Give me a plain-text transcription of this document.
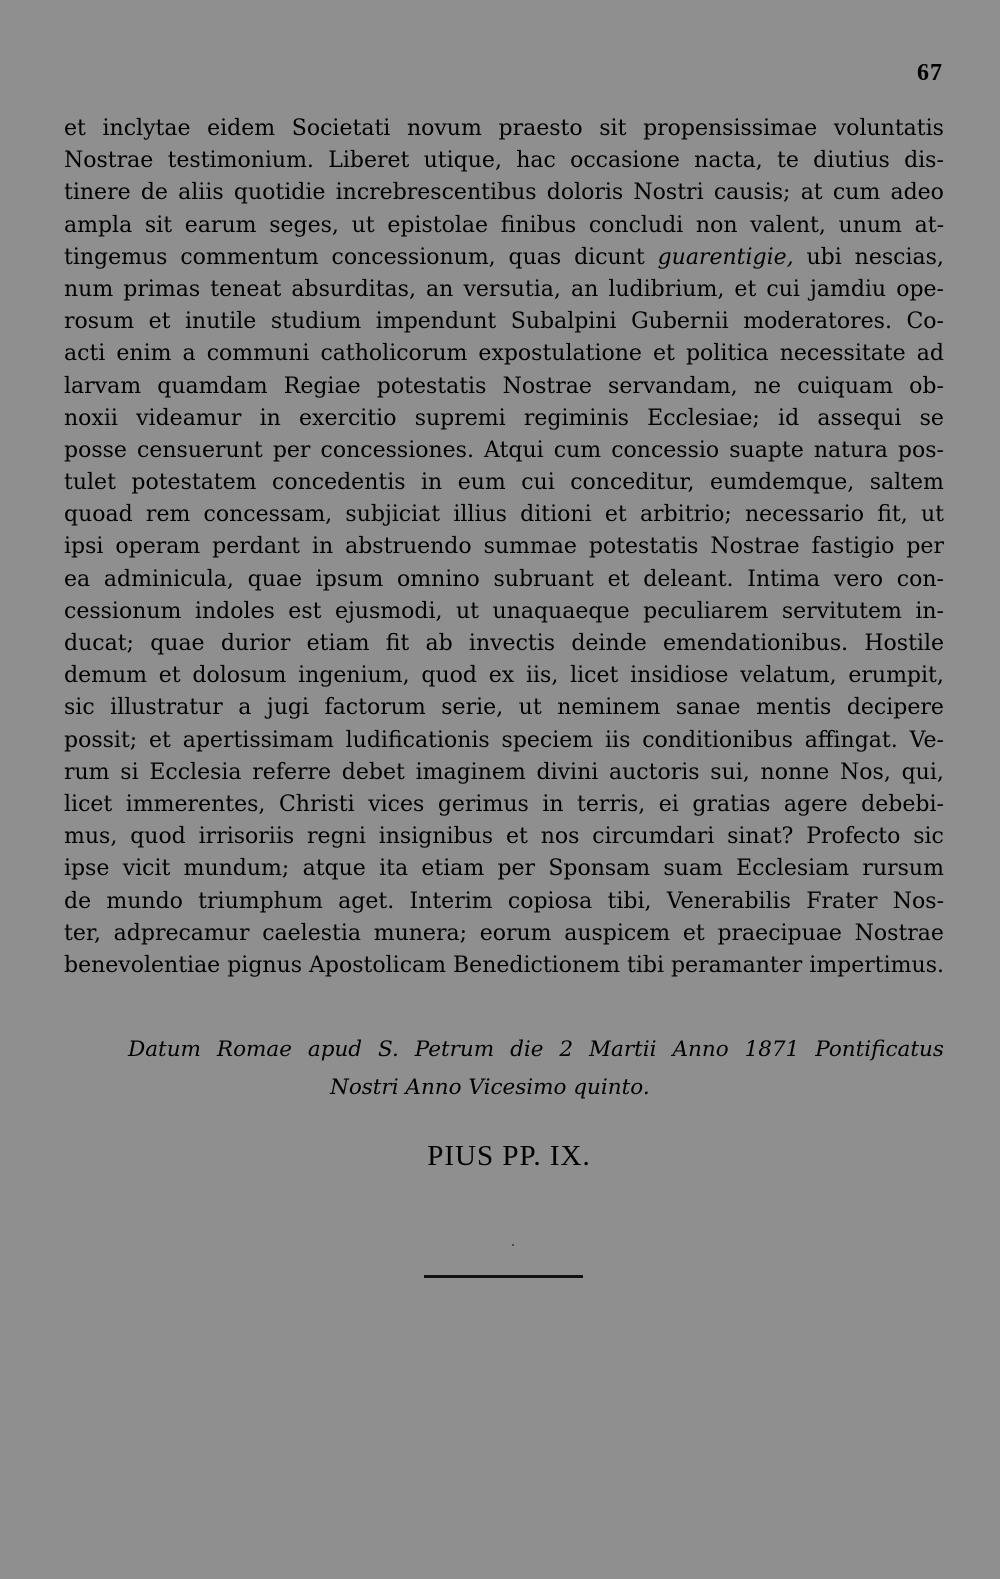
67
et inclytae eidem Societati novum praesto sit propensissimae voluntatis
Nostrae testimonium. Liberet utique, hac occasione nacta, te diutius dis-
tinere de aliis quotidie increbrescentibus doloris Nostri causis; at cum adeo
ampla sit earum seges, ut epistolae finibus concludi non valent, unum at-
tingemus commentum concessionum, quas dicunt guarentigie, ubi nescias,
num primas teneat absurditas, an versutia, an ludibrium, et cui jamdiu ope-
rosum et inutile studium impendunt Subalpini Gubernii moderatores. Co-
acti enim a communi catholicorum expostulatione et politica necessitate ad
larvam quamdam Regiae potestatis Nostrae servandam, ne cuiquam ob-
noxii videamur in exercitio supremi regiminis Ecclesiae; id assequi se
posse censuerunt per concessiones. Atqui cum concessio suapte natura pos-
tulet potestatem concedentis in eum cui conceditur, eumdemque, saltem
quoad rem concessam, subjiciat illius ditioni et arbitrio; necessario fit, ut
ipsi operam perdant in abstruendo summae potestatis Nostrae fastigio per
ea adminicula, quae ipsum omnino subruant et deleant. Intima vero con-
cessionum indoles est ejusmodi, ut unaquaeque peculiarem servitutem in-
ducat; quae durior etiam fit ab invectis deinde emendationibus. Hostile
demum et dolosum ingenium, quod ex iis, licet insidiose velatum, erumpit,
sic illustratur a jugi factorum serie, ut neminem sanae mentis decipere
possit; et apertissimam ludificationis speciem iis conditionibus affingat. Ve-
rum si Ecclesia referre debet imaginem divini auctoris sui, nonne Nos, qui,
licet immerentes, Christi vices gerimus in terris, ei gratias agere debebi-
mus, quod irrisoriis regni insignibus et nos circumdari sinat? Profecto sic
ipse vicit mundum; atque ita etiam per Sponsam suam Ecclesiam rursum
de mundo triumphum aget. Interim copiosa tibi, Venerabilis Frater Nos-
ter, adprecamur caelestia munera; eorum auspicem et praecipuae Nostrae
benevolentiae pignus Apostolicam Benedictionem tibi peramanter impertimus.
Datum Romae apud S. Petrum die 2 Martii Anno 1871 Pontificatus
Nostri Anno Vicesimo quinto.
PIUS PP. IX.
